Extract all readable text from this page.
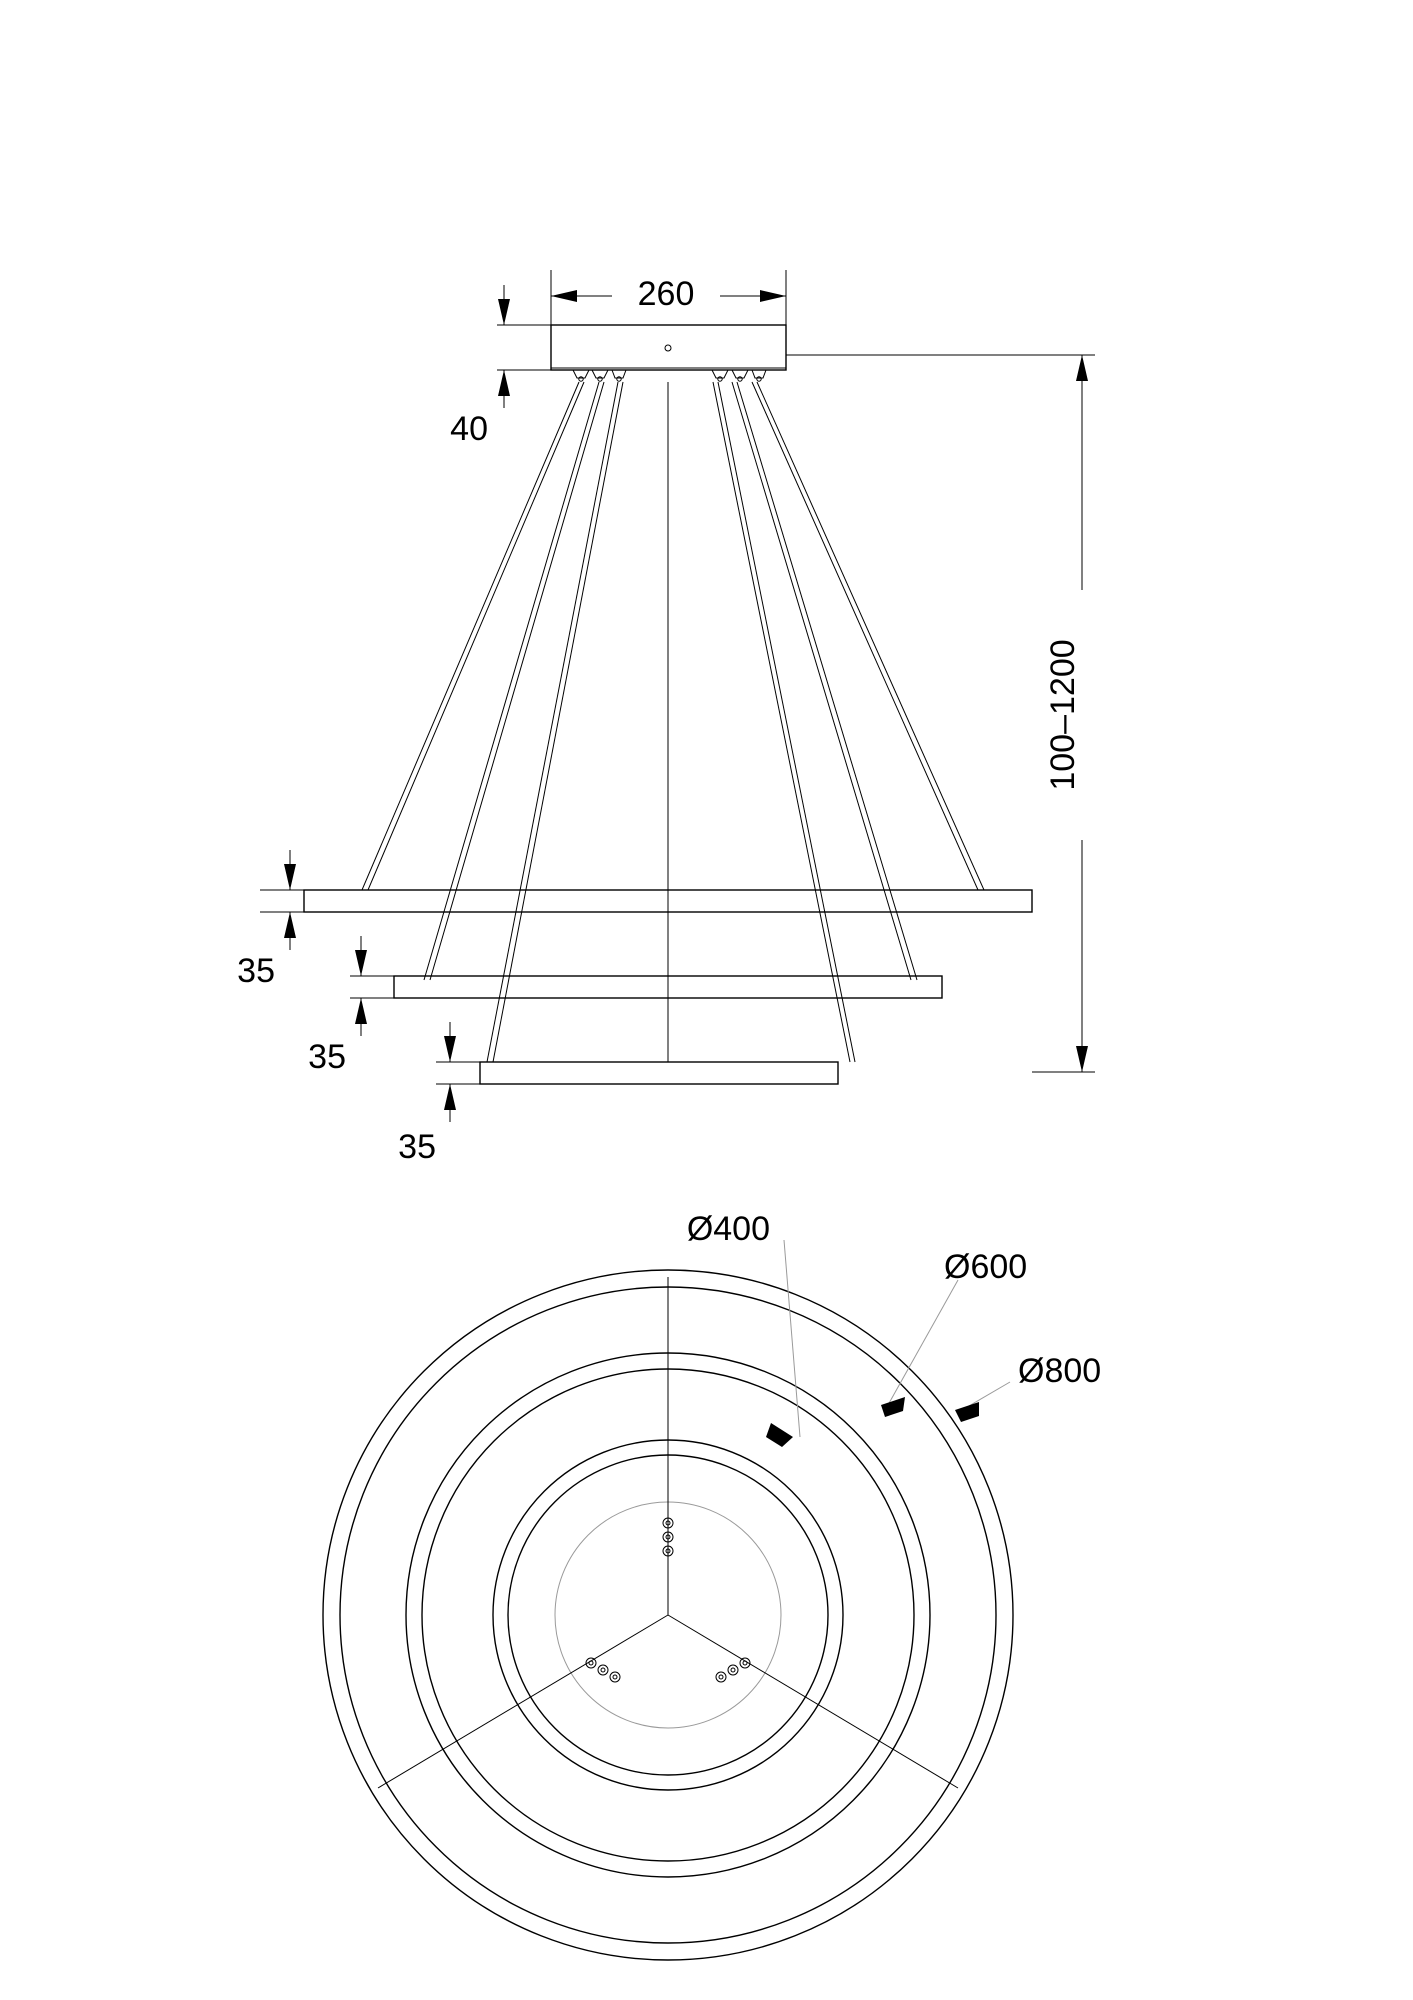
260
40
100–1200
35
35
35
Ø400
Ø600
Ø800
